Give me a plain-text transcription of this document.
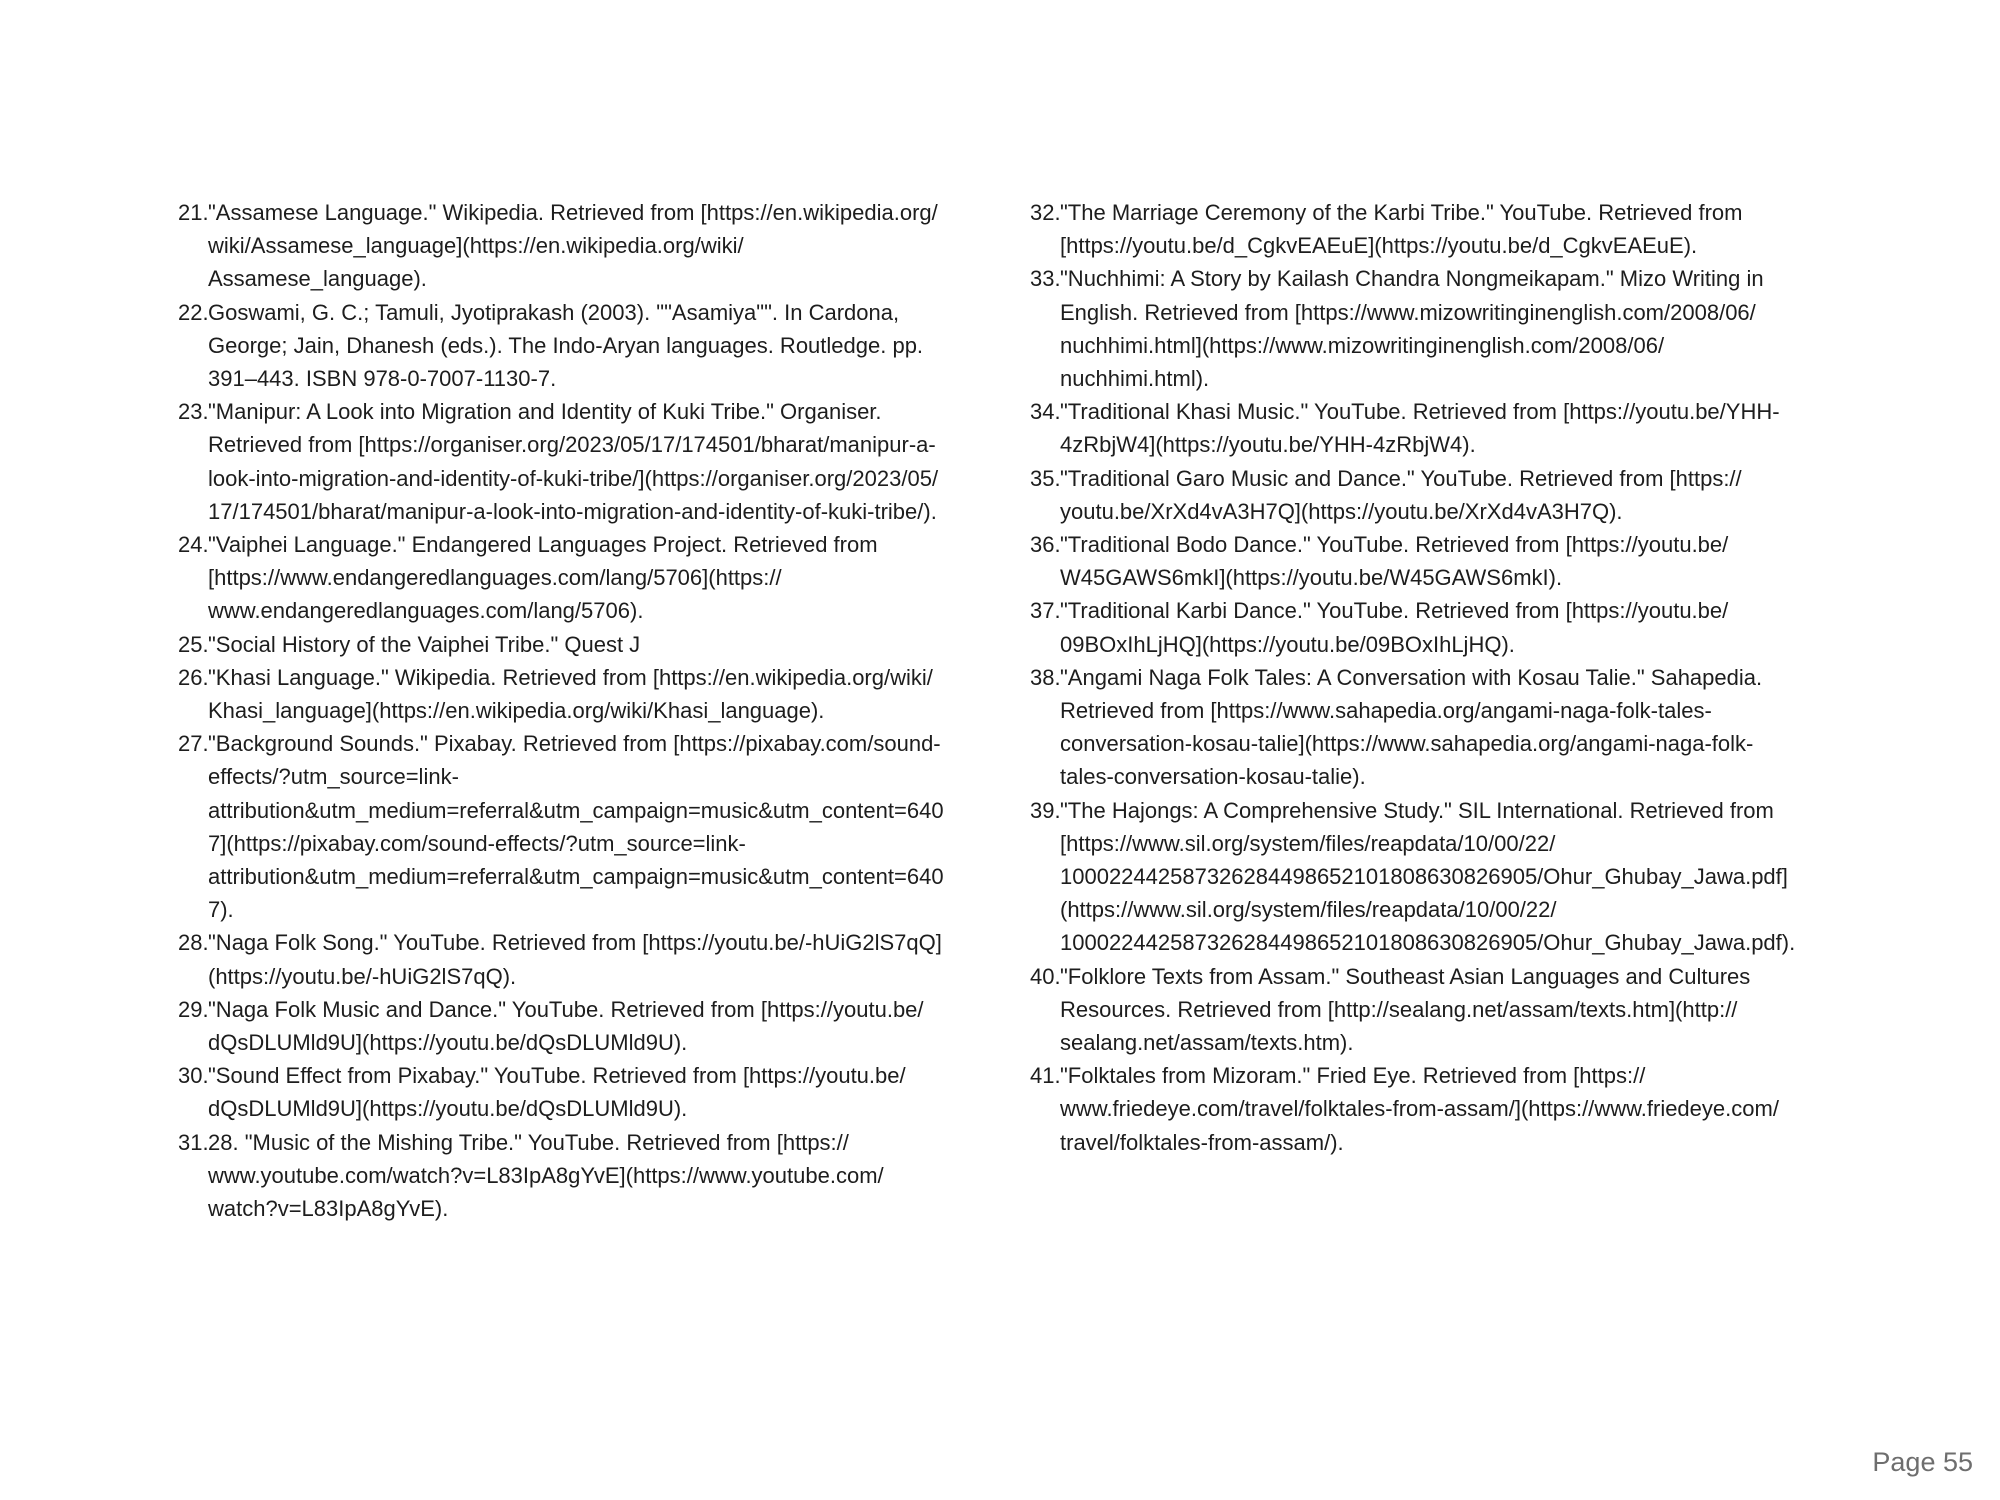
21. "Assamese Language." Wikipedia. Retrieved from [https://en.wikipedia.org/wiki/Assamese_language](https://en.wikipedia.org/wiki/Assamese_language).
22. Goswami, G. C.; Tamuli, Jyotiprakash (2003). ""Asamiya"". In Cardona, George; Jain, Dhanesh (eds.). The Indo-Aryan languages. Routledge. pp. 391–443. ISBN 978-0-7007-1130-7.
23. "Manipur: A Look into Migration and Identity of Kuki Tribe." Organiser. Retrieved from [https://organiser.org/2023/05/17/174501/bharat/manipur-a-look-into-migration-and-identity-of-kuki-tribe/](https://organiser.org/2023/05/17/174501/bharat/manipur-a-look-into-migration-and-identity-of-kuki-tribe/).
24. "Vaiphei Language." Endangered Languages Project. Retrieved from [https://www.endangeredlanguages.com/lang/5706](https://www.endangeredlanguages.com/lang/5706).
25. "Social History of the Vaiphei Tribe." Quest J
26. "Khasi Language." Wikipedia. Retrieved from [https://en.wikipedia.org/wiki/Khasi_language](https://en.wikipedia.org/wiki/Khasi_language).
27. "Background Sounds." Pixabay. Retrieved from [https://pixabay.com/sound-effects/?utm_source=link-attribution&utm_medium=referral&utm_campaign=music&utm_content=6407](https://pixabay.com/sound-effects/?utm_source=link-attribution&utm_medium=referral&utm_campaign=music&utm_content=6407).
28. "Naga Folk Song." YouTube. Retrieved from [https://youtu.be/-hUiG2lS7qQ](https://youtu.be/-hUiG2lS7qQ).
29. "Naga Folk Music and Dance." YouTube. Retrieved from [https://youtu.be/dQsDLUMld9U](https://youtu.be/dQsDLUMld9U).
30. "Sound Effect from Pixabay." YouTube. Retrieved from [https://youtu.be/dQsDLUMld9U](https://youtu.be/dQsDLUMld9U).
31. 28. "Music of the Mishing Tribe." YouTube. Retrieved from [https://www.youtube.com/watch?v=L83IpA8gYvE](https://www.youtube.com/watch?v=L83IpA8gYvE).
32. "The Marriage Ceremony of the Karbi Tribe." YouTube. Retrieved from [https://youtu.be/d_CgkvEAEuE](https://youtu.be/d_CgkvEAEuE).
33. "Nuchhimi: A Story by Kailash Chandra Nongmeikapam." Mizo Writing in English. Retrieved from [https://www.mizowritinginenglish.com/2008/06/nuchhimi.html](https://www.mizowritinginenglish.com/2008/06/nuchhimi.html).
34. "Traditional Khasi Music." YouTube. Retrieved from [https://youtu.be/YHH-4zRbjW4](https://youtu.be/YHH-4zRbjW4).
35. "Traditional Garo Music and Dance." YouTube. Retrieved from [https://youtu.be/XrXd4vA3H7Q](https://youtu.be/XrXd4vA3H7Q).
36. "Traditional Bodo Dance." YouTube. Retrieved from [https://youtu.be/W45GAWS6mkI](https://youtu.be/W45GAWS6mkI).
37. "Traditional Karbi Dance." YouTube. Retrieved from [https://youtu.be/09BOxIhLjHQ](https://youtu.be/09BOxIhLjHQ).
38. "Angami Naga Folk Tales: A Conversation with Kosau Talie." Sahapedia. Retrieved from [https://www.sahapedia.org/angami-naga-folk-tales-conversation-kosau-talie](https://www.sahapedia.org/angami-naga-folk-tales-conversation-kosau-talie).
39. "The Hajongs: A Comprehensive Study." SIL International. Retrieved from [https://www.sil.org/system/files/reapdata/10/00/22/100022442587326284498652101808630826905/Ohur_Ghubay_Jawa.pdf](https://www.sil.org/system/files/reapdata/10/00/22/100022442587326284498652101808630826905/Ohur_Ghubay_Jawa.pdf).
40. "Folklore Texts from Assam." Southeast Asian Languages and Cultures Resources. Retrieved from [http://sealang.net/assam/texts.htm](http://sealang.net/assam/texts.htm).
41. "Folktales from Mizoram." Fried Eye. Retrieved from [https://www.friedeye.com/travel/folktales-from-assam/](https://www.friedeye.com/travel/folktales-from-assam/).
Page 55
